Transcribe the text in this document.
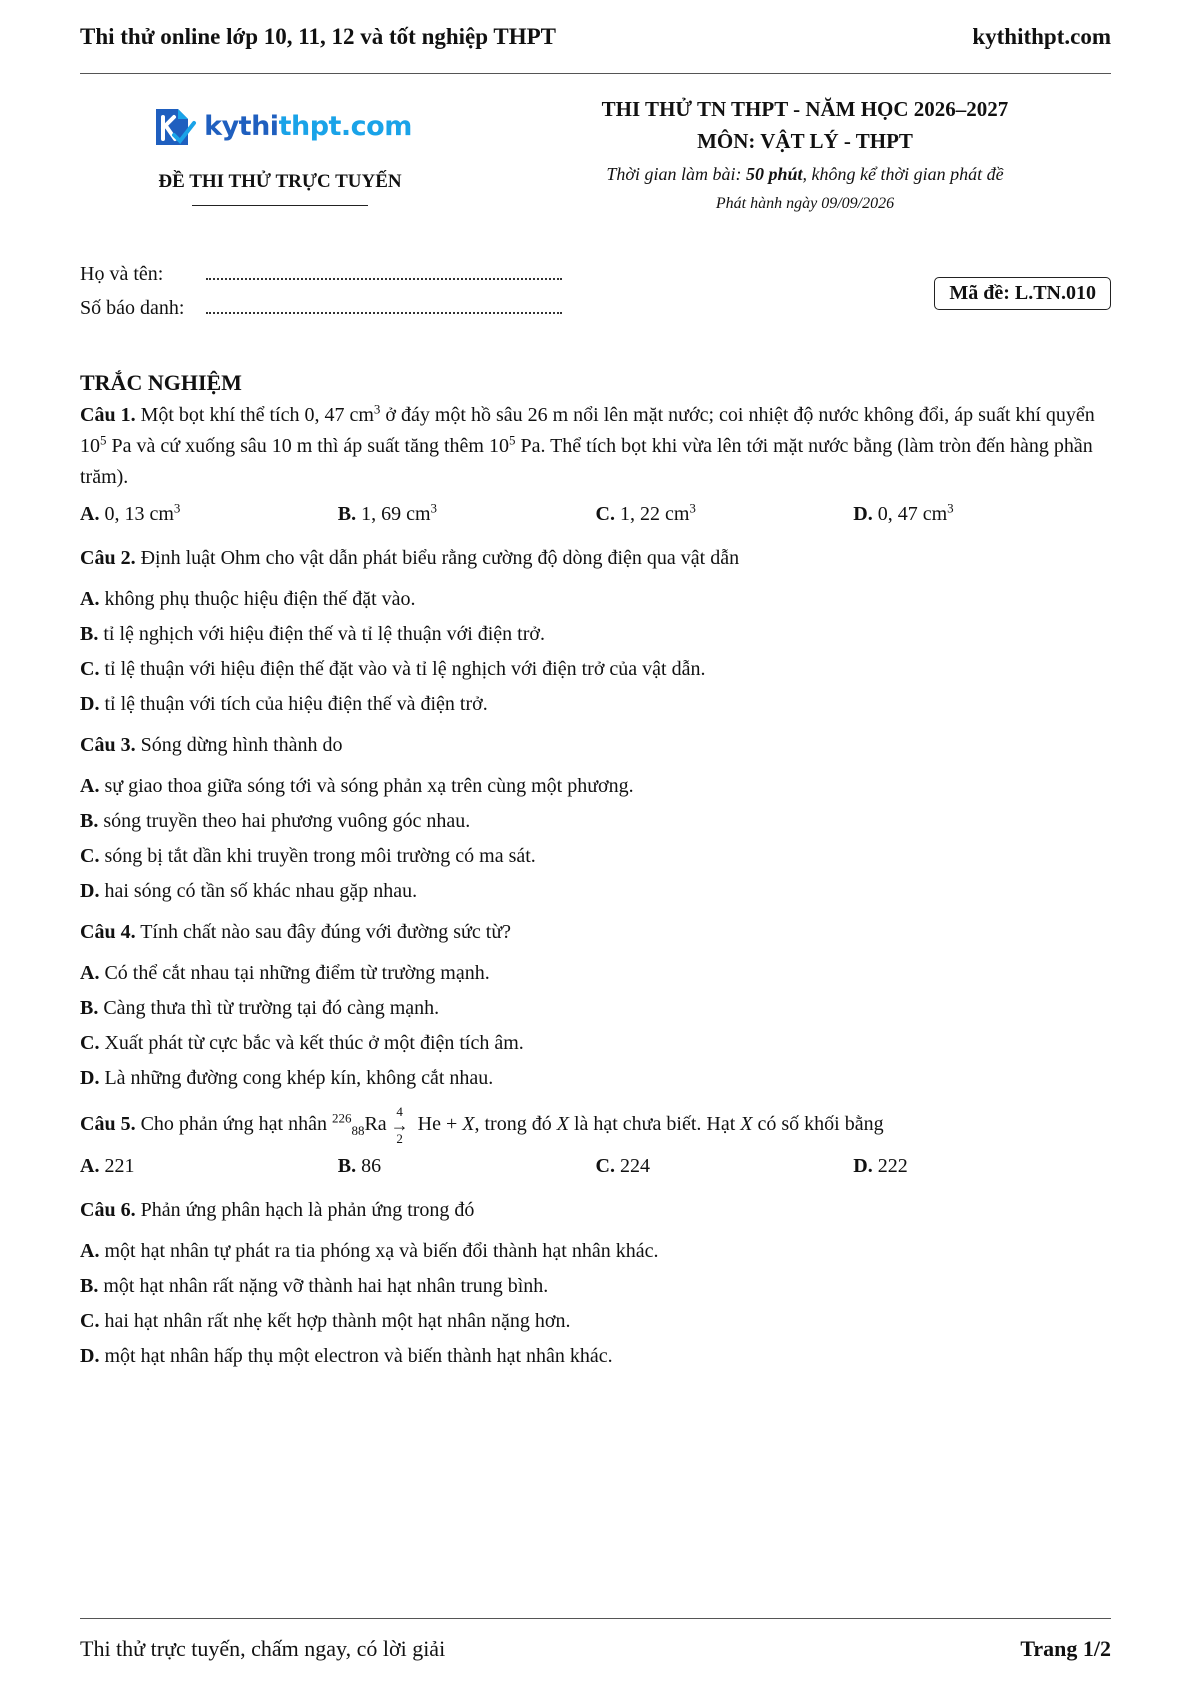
Thi thử online lớp 10, 11, 12 và tốt nghiệp THPT	kythithpt.com
kythithpt.com
ĐỀ THI THỬ TRỰC TUYẾN
THI THỬ TN THPT - NĂM HỌC 2026–2027
MÔN: VẬT LÝ - THPT
Thời gian làm bài: 50 phút, không kể thời gian phát đề
Phát hành ngày 09/09/2026
Họ và tên:
Số báo danh:
Mã đề: L.TN.010
TRẮC NGHIỆM
Câu 1. Một bọt khí thể tích 0, 47 $cm^3$ ở đáy một hồ sâu 26 m nổi lên mặt nước; coi nhiệt độ nước không đổi, áp suất khí quyển $10^5$ Pa và cứ xuống sâu 10 m thì áp suất tăng thêm $10^5$ Pa. Thể tích bọt khi vừa lên tới mặt nước bằng (làm tròn đến hàng phần trăm).
A. 0, 13 $cm^3$	B. 1, 69 $cm^3$	C. 1, 22 $cm^3$	D. 0, 47 $cm^3$
Câu 2. Định luật Ohm cho vật dẫn phát biểu rằng cường độ dòng điện qua vật dẫn
A. không phụ thuộc hiệu điện thế đặt vào.
B. tỉ lệ nghịch với hiệu điện thế và tỉ lệ thuận với điện trở.
C. tỉ lệ thuận với hiệu điện thế đặt vào và tỉ lệ nghịch với điện trở của vật dẫn.
D. tỉ lệ thuận với tích của hiệu điện thế và điện trở.
Câu 3. Sóng dừng hình thành do
A. sự giao thoa giữa sóng tới và sóng phản xạ trên cùng một phương.
B. sóng truyền theo hai phương vuông góc nhau.
C. sóng bị tắt dần khi truyền trong môi trường có ma sát.
D. hai sóng có tần số khác nhau gặp nhau.
Câu 4. Tính chất nào sau đây đúng với đường sức từ?
A. Có thể cắt nhau tại những điểm từ trường mạnh.
B. Càng thưa thì từ trường tại đó càng mạnh.
C. Xuất phát từ cực bắc và kết thúc ở một điện tích âm.
D. Là những đường cong khép kín, không cắt nhau.
Câu 5. Cho phản ứng hạt nhân $^{226}_{88}$Ra
4
→
2
He + X, trong đó X là hạt chưa biết. Hạt X có số khối bằng
A. 221	B. 86	C. 224	D. 222
Câu 6. Phản ứng phân hạch là phản ứng trong đó
A. một hạt nhân tự phát ra tia phóng xạ và biến đổi thành hạt nhân khác.
B. một hạt nhân rất nặng vỡ thành hai hạt nhân trung bình.
C. hai hạt nhân rất nhẹ kết hợp thành một hạt nhân nặng hơn.
D. một hạt nhân hấp thụ một electron và biến thành hạt nhân khác.
Thi thử trực tuyến, chấm ngay, có lời giải	Trang 1/2
